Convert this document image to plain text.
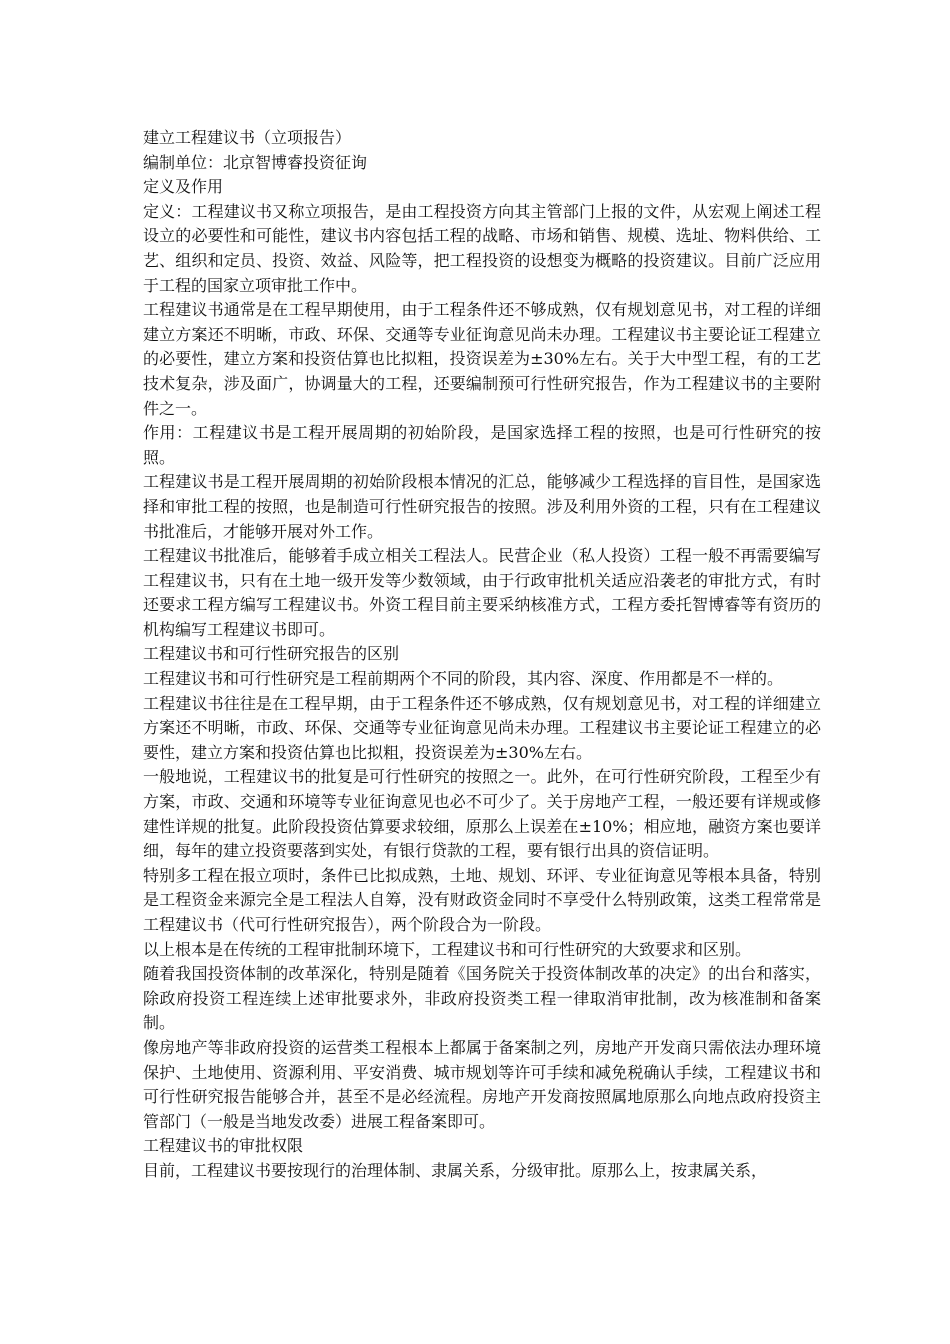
建立工程建议书（立项报告）

编制单位：北京智博睿投资征询

定义及作用

定义：工程建议书又称立项报告，是由工程投资方向其主管部门上报的文件，从宏观上阐述工程设立的必要性和可能性，建议书内容包括工程的战略、市场和销售、规模、选址、物料供给、工艺、组织和定员、投资、效益、风险等，把工程投资的设想变为概略的投资建议。目前广泛应用于工程的国家立项审批工作中。

工程建议书通常是在工程早期使用，由于工程条件还不够成熟，仅有规划意见书，对工程的详细建立方案还不明晰，市政、环保、交通等专业征询意见尚未办理。工程建议书主要论证工程建立的必要性，建立方案和投资估算也比拟粗，投资误差为±30%左右。关于大中型工程，有的工艺技术复杂，涉及面广，协调量大的工程，还要编制预可行性研究报告，作为工程建议书的主要附件之一。

作用：工程建议书是工程开展周期的初始阶段，是国家选择工程的按照，也是可行性研究的按照。

工程建议书是工程开展周期的初始阶段根本情况的汇总，能够减少工程选择的盲目性，是国家选择和审批工程的按照，也是制造可行性研究报告的按照。涉及利用外资的工程，只有在工程建议书批准后，才能够开展对外工作。

工程建议书批准后，能够着手成立相关工程法人。民营企业（私人投资）工程一般不再需要编写工程建议书，只有在土地一级开发等少数领域，由于行政审批机关适应沿袭老的审批方式，有时还要求工程方编写工程建议书。外资工程目前主要采纳核准方式，工程方委托智博睿等有资历的机构编写工程建议书即可。

工程建议书和可行性研究报告的区别

工程建议书和可行性研究是工程前期两个不同的阶段，其内容、深度、作用都是不一样的。

工程建议书往往是在工程早期，由于工程条件还不够成熟，仅有规划意见书，对工程的详细建立方案还不明晰，市政、环保、交通等专业征询意见尚未办理。工程建议书主要论证工程建立的必要性，建立方案和投资估算也比拟粗，投资误差为±30%左右。

一般地说，工程建议书的批复是可行性研究的按照之一。此外，在可行性研究阶段，工程至少有方案，市政、交通和环境等专业征询意见也必不可少了。关于房地产工程，一般还要有详规或修建性详规的批复。此阶段投资估算要求较细，原那么上误差在±10%；相应地，融资方案也要详细，每年的建立投资要落到实处，有银行贷款的工程，要有银行出具的资信证明。

特别多工程在报立项时，条件已比拟成熟，土地、规划、环评、专业征询意见等根本具备，特别是工程资金来源完全是工程法人自筹，没有财政资金同时不享受什么特别政策，这类工程常常是工程建议书（代可行性研究报告），两个阶段合为一阶段。

以上根本是在传统的工程审批制环境下，工程建议书和可行性研究的大致要求和区别。

随着我国投资体制的改革深化，特别是随着《国务院关于投资体制改革的决定》的出台和落实，除政府投资工程连续上述审批要求外，非政府投资类工程一律取消审批制，改为核准制和备案制。

像房地产等非政府投资的运营类工程根本上都属于备案制之列，房地产开发商只需依法办理环境保护、土地使用、资源利用、平安消费、城市规划等许可手续和减免税确认手续，工程建议书和可行性研究报告能够合并，甚至不是必经流程。房地产开发商按照属地原那么向地点政府投资主管部门（一般是当地发改委）进展工程备案即可。

工程建议书的审批权限

目前，工程建议书要按现行的治理体制、隶属关系，分级审批。原那么上，按隶属关系，
